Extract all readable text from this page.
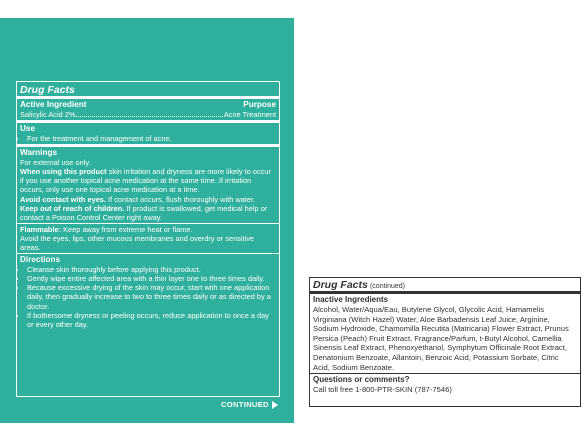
Drug Facts
Active Ingredient	Purpose
Salicylic Acid 2%	Acne Treatment
Use
• For the treatment and management of acne.
Warnings
For external use only.
When using this product skin irritation and dryness are more likely to occur if you use another topical acne medication at the same time. If irritation occurs, only use one topical acne medication at a time.
Avoid contact with eyes. If contact occurs, flush thoroughly with water.
Keep out of reach of children. If product is swallowed, get medical help or contact a Poison Control Center right away.
Flammable: Keep away from extreme heat or flame.
Avoid the eyes, lips, other mucous membranes and overdry or sensitive areas.
Directions
• Cleanse skin thoroughly before applying this product.
• Gently wipe entire affected area with a thin layer one to three times daily.
• Because excessive drying of the skin may occur, start with one application daily, then gradually increase to two to three times daily or as directed by a doctor.
• If bothersome dryness or peeling occurs, reduce application to once a day or every other day.
CONTINUED
Drug Facts (continued)
Inactive Ingredients
Alcohol, Water/Aqua/Eau, Butylene Glycol, Glycolic Acid, Hamamelis Virginiana (Witch Hazel) Water, Aloe Barbadensis Leaf Juice, Arginine, Sodium Hydroxide, Chamomilla Recutita (Matricaria) Flower Extract, Prunus Persica (Peach) Fruit Extract, Fragrance/Parfum, t-Butyl Alcohol, Camellia Sinensis Leaf Extract, Phenoxyethanol, Symphytum Officinale Root Extract, Denatonium Benzoate, Allantoin, Benzoic Acid, Potassium Sorbate, Citric Acid, Sodium Benzoate.
Questions or comments?
Call toll free 1-800-PTR-SKIN (787-7546)
